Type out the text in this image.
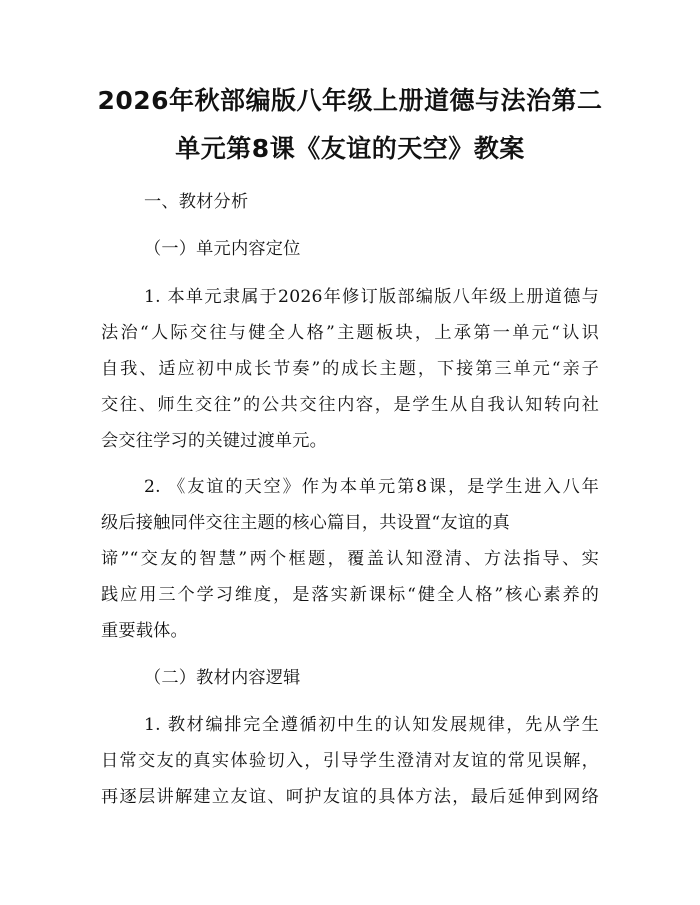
2026年秋部编版八年级上册道德与法治第二
单元第8课《友谊的天空》教案
一、教材分析
（一）单元内容定位
1. 本单元隶属于2026年修订版部编版八年级上册道德与
法治“人际交往与健全人格”主题板块，上承第一单元“认识
自我、适应初中成长节奏”的成长主题，下接第三单元“亲子
交往、师生交往”的公共交往内容，是学生从自我认知转向社
会交往学习的关键过渡单元。
2. 《友谊的天空》作为本单元第8课，是学生进入八年
级后接触同伴交往主题的核心篇目，共设置“友谊的真
谛”“交友的智慧”两个框题，覆盖认知澄清、方法指导、实
践应用三个学习维度，是落实新课标“健全人格”核心素养的
重要载体。
（二）教材内容逻辑
1. 教材编排完全遵循初中生的认知发展规律，先从学生
日常交友的真实体验切入，引导学生澄清对友谊的常见误解，
再逐层讲解建立友谊、呵护友谊的具体方法，最后延伸到网络
